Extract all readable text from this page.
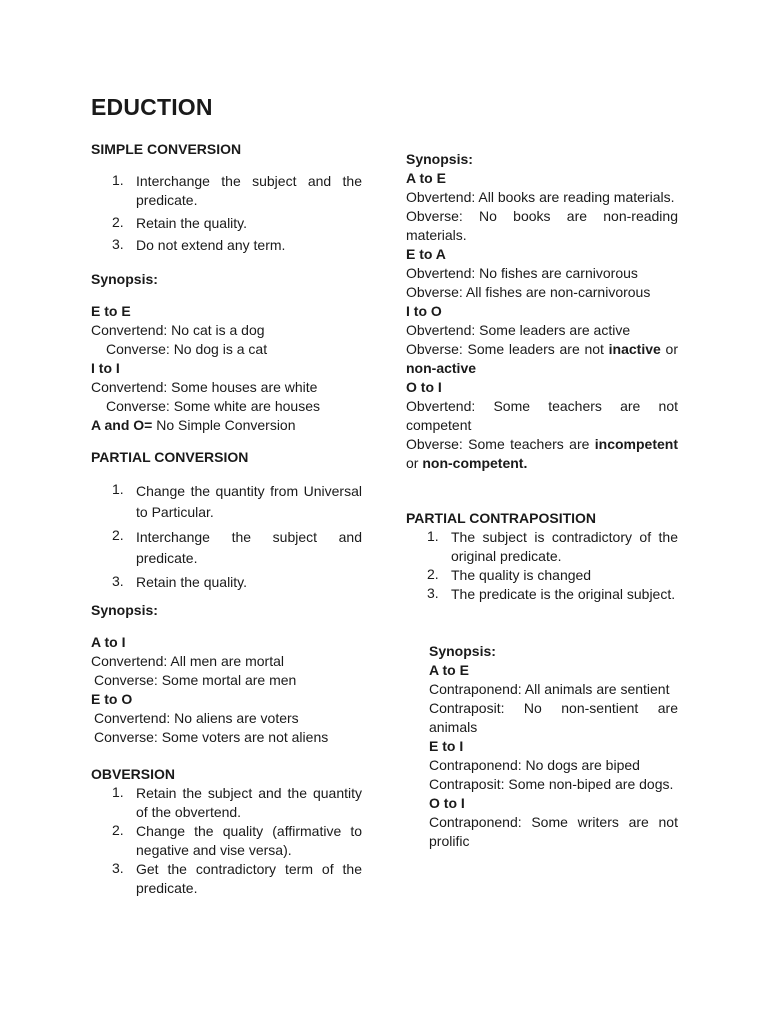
EDUCTION
SIMPLE CONVERSION
1. Interchange the subject and the predicate.
2. Retain the quality.
3. Do not extend any term.
Synopsis:
E to E
Convertend: No cat is a dog
Converse: No dog is a cat
I to I
Convertend: Some houses are white
Converse: Some white are houses
A and O= No Simple Conversion
PARTIAL CONVERSION
1. Change the quantity from Universal to Particular.
2. Interchange the subject and predicate.
3. Retain the quality.
Synopsis:
A to I
Convertend: All men are mortal
Converse: Some mortal are men
E to O
Convertend: No aliens are voters
Converse: Some voters are not aliens
OBVERSION
1. Retain the subject and the quantity of the obvertend.
2. Change the quality (affirmative to negative and vise versa).
3. Get the contradictory term of the predicate.
Synopsis:
A to E
Obvertend: All books are reading materials.
Obverse: No books are non-reading materials.
E to A
Obvertend: No fishes are carnivorous
Obverse: All fishes are non-carnivorous
I to O
Obvertend: Some leaders are active
Obverse: Some leaders are not inactive or non-active
O to I
Obvertend: Some teachers are not competent
Obverse: Some teachers are incompetent or non-competent.
PARTIAL CONTRAPOSITION
1. The subject is contradictory of the original predicate.
2. The quality is changed
3. The predicate is the original subject.
Synopsis:
A to E
Contraponend: All animals are sentient
Contraposit: No non-sentient are animals
E to I
Contraponend: No dogs are biped
Contraposit: Some non-biped are dogs.
O to I
Contraponend: Some writers are not prolific
